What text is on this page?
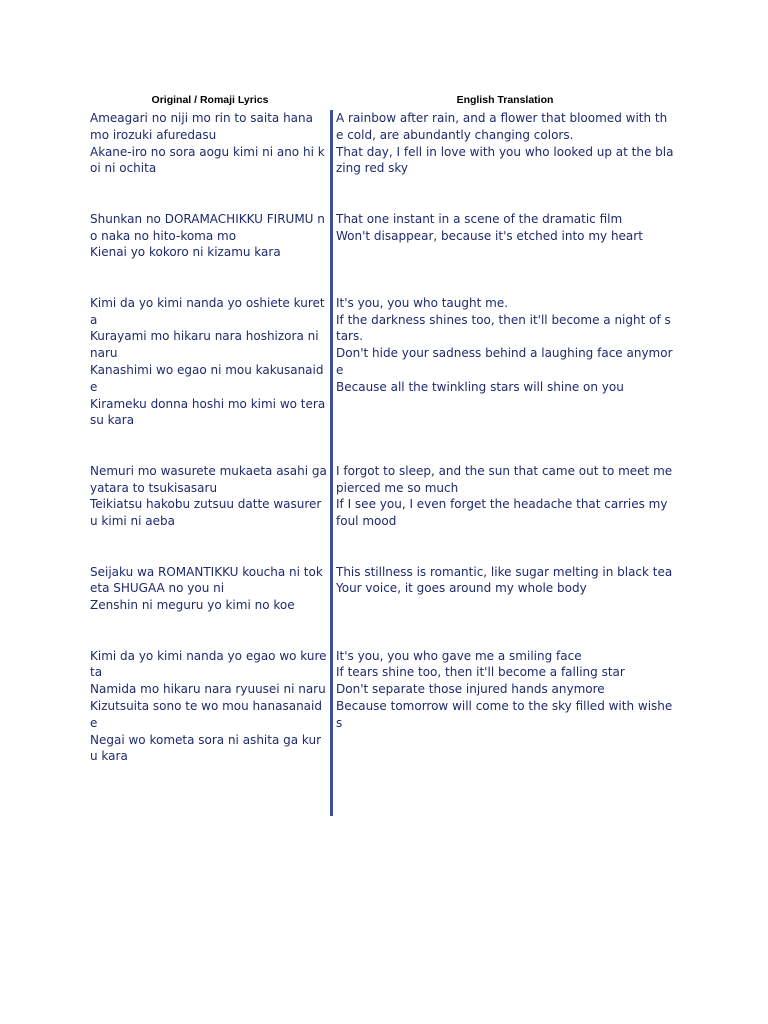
Original / Romaji Lyrics	English Translation
Ameagari no niji mo rin to saita hana mo irozuki afuredasu
Akane-iro no sora aogu kimi ni ano hi koi ni ochita
Shunkan no DORAMACHIKKU FIRUMU no naka no hito-koma mo
Kienai yo kokoro ni kizamu kara
Kimi da yo kimi nanda yo oshiete kureta
Kurayami mo hikaru nara hoshizora ni naru
Kanashimi wo egao ni mou kakusanaide
Kirameku donna hoshi mo kimi wo terasu kara
Nemuri mo wasurete mukaeta asahi ga yatara to tsukisasaru
Teikiatsu hakobu zutsuu datte wasureru kimi ni aeba
Seijaku wa ROMANTIKKU koucha ni toketa SHUGAA no you ni
Zenshin ni meguru yo kimi no koe
Kimi da yo kimi nanda yo egao wo kureta
Namida mo hikaru nara ryuusei ni naru
Kizutsuita sono te wo mou hanasanaide
Negai wo kometa sora ni ashita ga kuru kara
A rainbow after rain, and a flower that bloomed with the cold, are abundantly changing colors.
That day, I fell in love with you who looked up at the blazing red sky
That one instant in a scene of the dramatic film
Won't disappear, because it's etched into my heart
It's you, you who taught me.
If the darkness shines too, then it'll become a night of stars.
Don't hide your sadness behind a laughing face anymore
Because all the twinkling stars will shine on you
I forgot to sleep, and the sun that came out to meet me pierced me so much
If I see you, I even forget the headache that carries my foul mood
This stillness is romantic, like sugar melting in black tea
Your voice, it goes around my whole body
It's you, you who gave me a smiling face
If tears shine too, then it'll become a falling star
Don't separate those injured hands anymore
Because tomorrow will come to the sky filled with wishes
